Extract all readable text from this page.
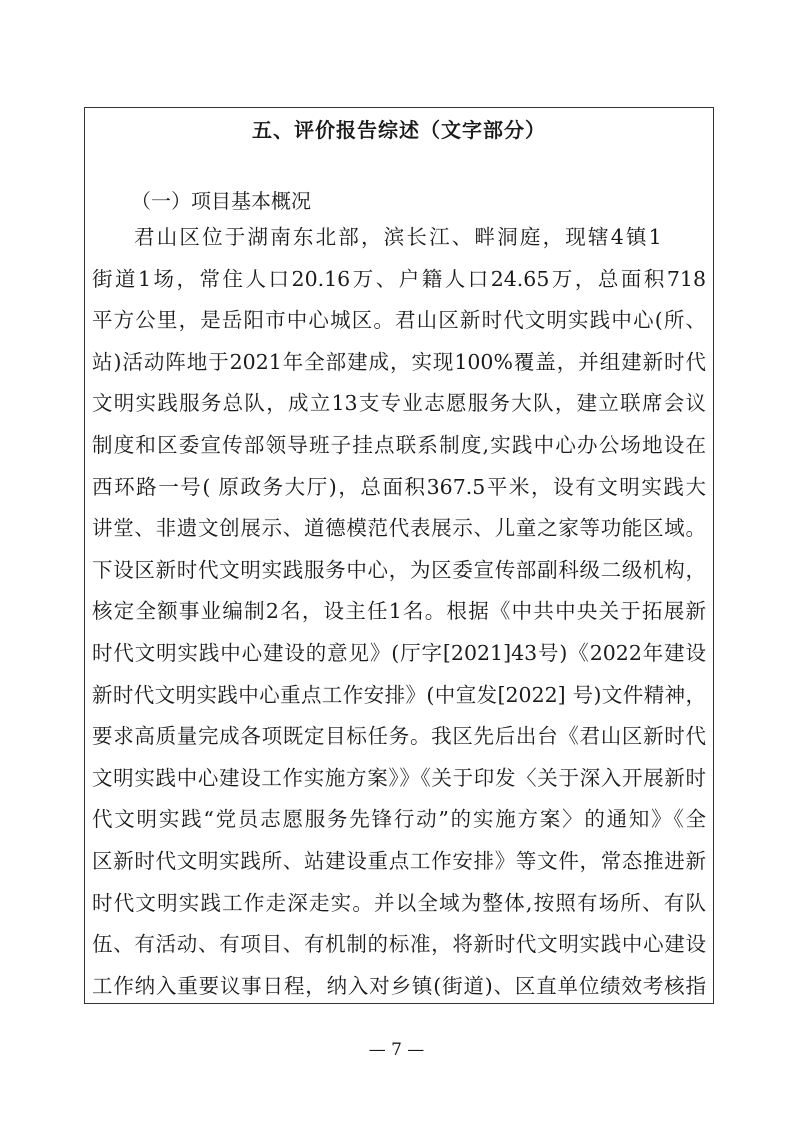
五、评价报告综述（文字部分）
（一）项目基本概况
君山区位于湖南东北部，滨长江、畔洞庭，现辖4镇1
街道1场，常住人口20.16万、户籍人口24.65万，总面积718
平方公里，是岳阳市中心城区。君山区新时代文明实践中心(所、
站)活动阵地于2021年全部建成，实现100%覆盖，并组建新时代
文明实践服务总队，成立13支专业志愿服务大队，建立联席会议
制度和区委宣传部领导班子挂点联系制度,实践中心办公场地设在
西环路一号( 原政务大厅)，总面积367.5平米，设有文明实践大
讲堂、非遗文创展示、道德模范代表展示、儿童之家等功能区域。
下设区新时代文明实践服务中心，为区委宣传部副科级二级机构，
核定全额事业编制2名，设主任1名。根据《中共中央关于拓展新
时代文明实践中心建设的意见》(厅字[2021]43号)《2022年建设
新时代文明实践中心重点工作安排》(中宣发[2022] 号)文件精神，
要求高质量完成各项既定目标任务。我区先后出台《君山区新时代
文明实践中心建设工作实施方案》》《关于印发〈关于深入开展新时
代文明实践“党员志愿服务先锋行动”的实施方案〉的通知》《全
区新时代文明实践所、站建设重点工作安排》等文件，常态推进新
时代文明实践工作走深走实。并以全域为整体,按照有场所、有队
伍、有活动、有项目、有机制的标准，将新时代文明实践中心建设
工作纳入重要议事日程，纳入对乡镇(街道)、区直单位绩效考核指
— 7 —
